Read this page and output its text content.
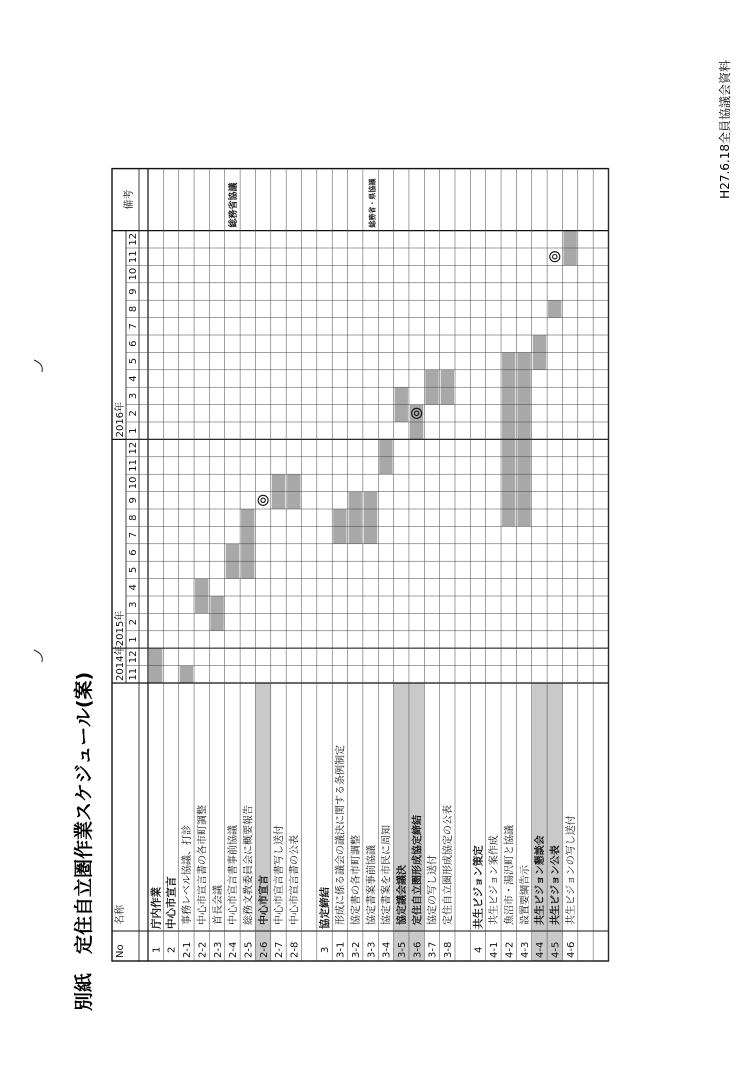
H27.6.18全員協議会資料
別紙　定住自立圏作業スケジュール(案) No
名称
備考
2014年 11
12
2015年 1
2
3
4
5
6
7
8
9
10
11
12
2016年 1
2
3
4
5
6
7
8
9
10
11
12
1
庁内作業
2
中心市宣言
2-1
事務レベル協議、打診
2-2
中心市宣言書の各市町調整
2-3
首長会議
2-4
中心市宣言書事前協議
総務省協議
2-5
総務文教委員会に概要報告
2-6
中心市宣言
2-7
中心市宣言書写し送付
2-8
中心市宣言書の公表
3
協定締結
3-1
形成に係る議会の議決に関する条例制定
3-2
協定書の各市町調整
3-3
協定書案事前協議
総務省・県協議
3-4
協定書案を市民に周知
3-5
協定議会議決
3-6
定住自立圏形成協定締結
3-7
協定の写し送付
3-8
定住自立圏形成協定の公表
4
共生ビジョン策定
4-1
共生ビジョン案作成
4-2
魚沼市・湯沢町と協議
4-3
設置要綱告示
4-4
共生ビジョン懇談会
4-5
共生ビジョン公表
4-6
共生ビジョンの写し送付
